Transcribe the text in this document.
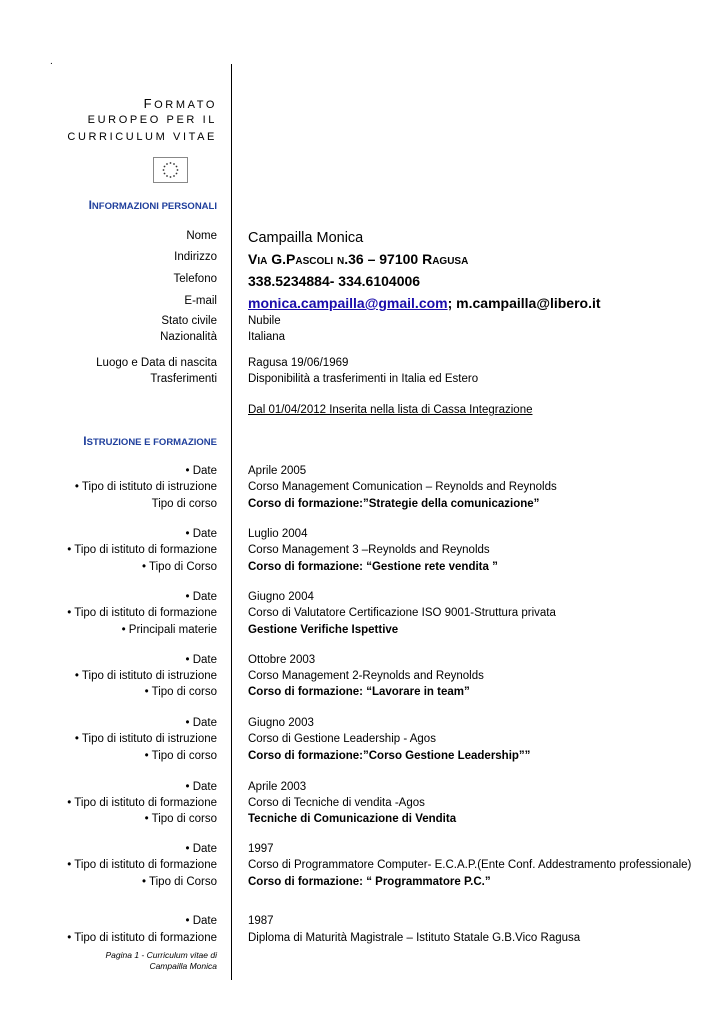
.
FORMATO
EUROPEO PER IL
CURRICULUM VITAE
INFORMAZIONI PERSONALI
Nome Campailla Monica
Indirizzo Via G.Pascoli n.36 – 97100 Ragusa
Telefono 338.5234884- 334.6104006
E-mail monica.campailla@gmail.com; m.campailla@libero.it
Stato civile	Nubile
Nazionalità	Italiana
Luogo e Data di nascita	Ragusa 19/06/1969
Trasferimenti	Disponibilità a trasferimenti in Italia ed Estero
Dal 01/04/2012 Inserita nella lista di Cassa Integrazione
ISTRUZIONE E FORMAZIONE
• Date	Aprile 2005
• Tipo di istituto di istruzione	Corso Management Comunication – Reynolds and Reynolds
Tipo di corso	Corso di formazione:”Strategie della comunicazione”
• Date	Luglio 2004
• Tipo di istituto di formazione	Corso Management 3 –Reynolds and Reynolds
• Tipo di Corso	Corso di formazione: “Gestione rete vendita ”
• Date	Giugno 2004
• Tipo di istituto di formazione	Corso di Valutatore Certificazione ISO 9001-Struttura privata
• Principali materie	Gestione Verifiche Ispettive
• Date	Ottobre 2003
• Tipo di istituto di istruzione	Corso Management 2-Reynolds and Reynolds
• Tipo di corso	Corso di formazione: “Lavorare in team”
• Date	Giugno 2003
• Tipo di istituto di istruzione	Corso di Gestione Leadership - Agos
• Tipo di corso	Corso di formazione:”Corso Gestione Leadership””
• Date	Aprile 2003
• Tipo di istituto di formazione	Corso di Tecniche di vendita -Agos
• Tipo di corso	Tecniche di Comunicazione di Vendita
• Date	1997
• Tipo di istituto di formazione	Corso di Programmatore Computer- E.C.A.P.(Ente Conf. Addestramento professionale)
• Tipo di Corso	Corso di formazione: “ Programmatore P.C.”
• Date	1987
• Tipo di istituto di formazione	Diploma di Maturità Magistrale – Istituto Statale G.B.Vico Ragusa
Pagina 1 - Curriculum vitae di
Campailla Monica
